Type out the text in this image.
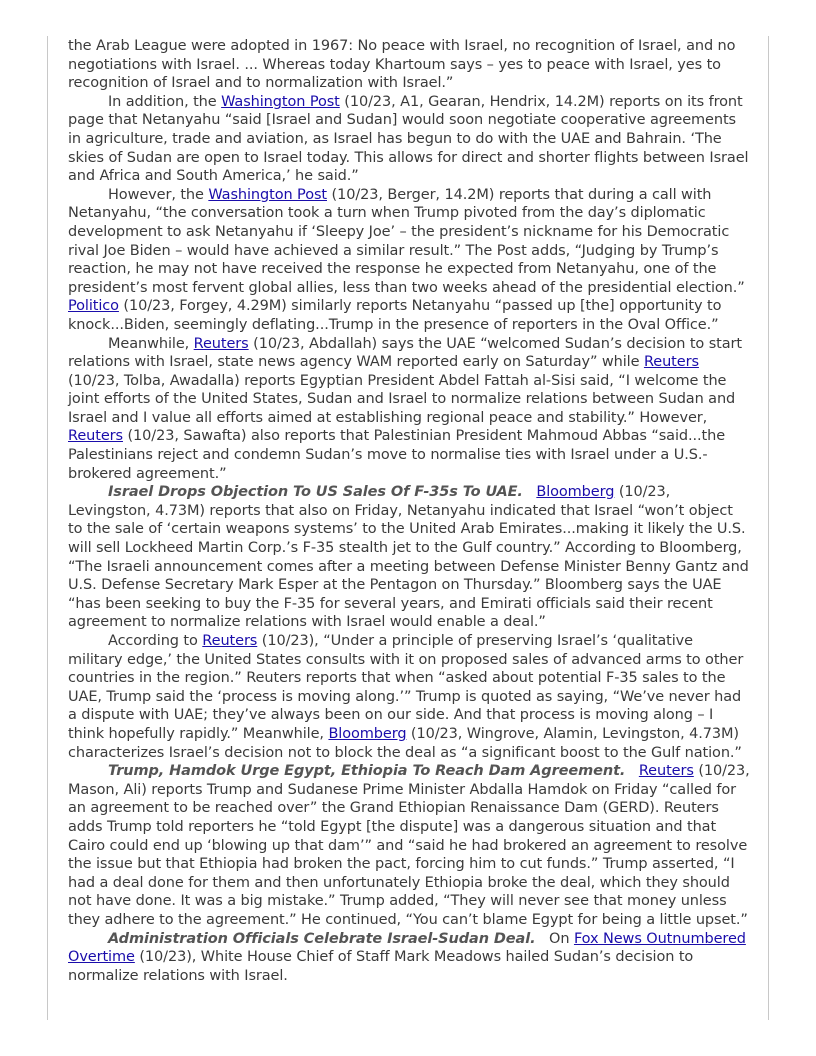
the Arab League were adopted in 1967: No peace with Israel, no recognition of Israel, and no negotiations with Israel. ... Whereas today Khartoum says – yes to peace with Israel, yes to recognition of Israel and to normalization with Israel.”

In addition, the Washington Post (10/23, A1, Gearan, Hendrix, 14.2M) reports on its front page that Netanyahu “said [Israel and Sudan] would soon negotiate cooperative agreements in agriculture, trade and aviation, as Israel has begun to do with the UAE and Bahrain. ‘The skies of Sudan are open to Israel today. This allows for direct and shorter flights between Israel and Africa and South America,’ he said.”

However, the Washington Post (10/23, Berger, 14.2M) reports that during a call with Netanyahu, “the conversation took a turn when Trump pivoted from the day’s diplomatic development to ask Netanyahu if ‘Sleepy Joe’ – the president’s nickname for his Democratic rival Joe Biden – would have achieved a similar result.” The Post adds, “Judging by Trump’s reaction, he may not have received the response he expected from Netanyahu, one of the president’s most fervent global allies, less than two weeks ahead of the presidential election.” Politico (10/23, Forgey, 4.29M) similarly reports Netanyahu “passed up [the] opportunity to knock...Biden, seemingly deflating...Trump in the presence of reporters in the Oval Office.”

Meanwhile, Reuters (10/23, Abdallah) says the UAE “welcomed Sudan’s decision to start relations with Israel, state news agency WAM reported early on Saturday” while Reuters (10/23, Tolba, Awadalla) reports Egyptian President Abdel Fattah al-Sisi said, “I welcome the joint efforts of the United States, Sudan and Israel to normalize relations between Sudan and Israel and I value all efforts aimed at establishing regional peace and stability.” However, Reuters (10/23, Sawafta) also reports that Palestinian President Mahmoud Abbas “said...the Palestinians reject and condemn Sudan’s move to normalise ties with Israel under a U.S.-brokered agreement.”

Israel Drops Objection To US Sales Of F-35s To UAE. Bloomberg (10/23, Levingston, 4.73M) reports that also on Friday, Netanyahu indicated that Israel “won’t object to the sale of ‘certain weapons systems’ to the United Arab Emirates...making it likely the U.S. will sell Lockheed Martin Corp.’s F-35 stealth jet to the Gulf country.” According to Bloomberg, “The Israeli announcement comes after a meeting between Defense Minister Benny Gantz and U.S. Defense Secretary Mark Esper at the Pentagon on Thursday.” Bloomberg says the UAE “has been seeking to buy the F-35 for several years, and Emirati officials said their recent agreement to normalize relations with Israel would enable a deal.”

According to Reuters (10/23), “Under a principle of preserving Israel’s ‘qualitative military edge,’ the United States consults with it on proposed sales of advanced arms to other countries in the region.” Reuters reports that when “asked about potential F-35 sales to the UAE, Trump said the ‘process is moving along.’” Trump is quoted as saying, “We’ve never had a dispute with UAE; they’ve always been on our side. And that process is moving along – I think hopefully rapidly.” Meanwhile, Bloomberg (10/23, Wingrove, Alamin, Levingston, 4.73M) characterizes Israel’s decision not to block the deal as “a significant boost to the Gulf nation.”

Trump, Hamdok Urge Egypt, Ethiopia To Reach Dam Agreement. Reuters (10/23, Mason, Ali) reports Trump and Sudanese Prime Minister Abdalla Hamdok on Friday “called for an agreement to be reached over” the Grand Ethiopian Renaissance Dam (GERD). Reuters adds Trump told reporters he “told Egypt [the dispute] was a dangerous situation and that Cairo could end up ‘blowing up that dam’” and “said he had brokered an agreement to resolve the issue but that Ethiopia had broken the pact, forcing him to cut funds.” Trump asserted, “I had a deal done for them and then unfortunately Ethiopia broke the deal, which they should not have done. It was a big mistake.” Trump added, “They will never see that money unless they adhere to the agreement.” He continued, “You can’t blame Egypt for being a little upset.”

Administration Officials Celebrate Israel-Sudan Deal.   On Fox News Outnumbered Overtime (10/23), White House Chief of Staff Mark Meadows hailed Sudan’s decision to normalize relations with Israel.
